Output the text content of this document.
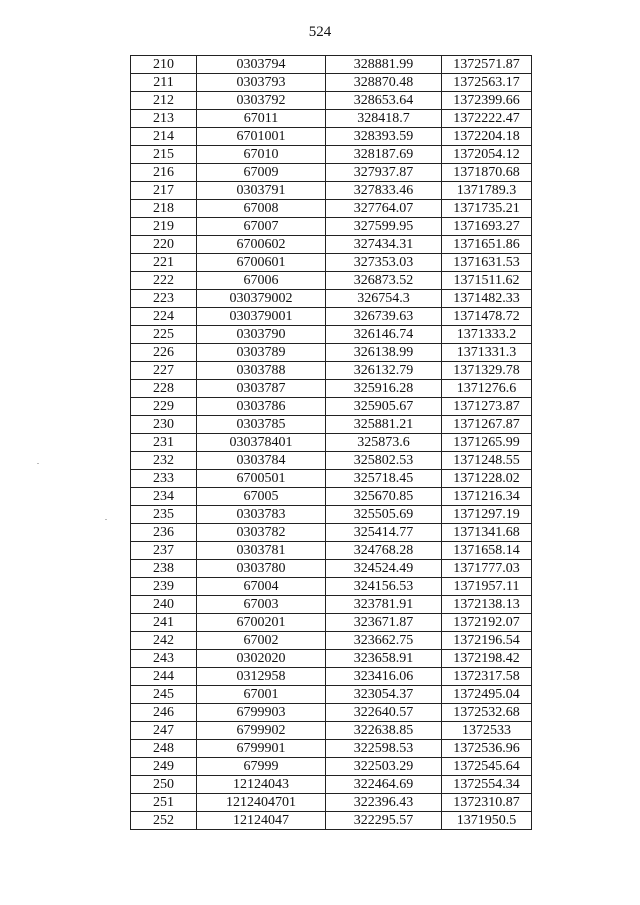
524
210	0303794	328881.99	1372571.87
211	0303793	328870.48	1372563.17
212	0303792	328653.64	1372399.66
213	67011	328418.7	1372222.47
214	6701001	328393.59	1372204.18
215	67010	328187.69	1372054.12
216	67009	327937.87	1371870.68
217	0303791	327833.46	1371789.3
218	67008	327764.07	1371735.21
219	67007	327599.95	1371693.27
220	6700602	327434.31	1371651.86
221	6700601	327353.03	1371631.53
222	67006	326873.52	1371511.62
223	030379002	326754.3	1371482.33
224	030379001	326739.63	1371478.72
225	0303790	326146.74	1371333.2
226	0303789	326138.99	1371331.3
227	0303788	326132.79	1371329.78
228	0303787	325916.28	1371276.6
229	0303786	325905.67	1371273.87
230	0303785	325881.21	1371267.87
231	030378401	325873.6	1371265.99
232	0303784	325802.53	1371248.55
233	6700501	325718.45	1371228.02
234	67005	325670.85	1371216.34
235	0303783	325505.69	1371297.19
236	0303782	325414.77	1371341.68
237	0303781	324768.28	1371658.14
238	0303780	324524.49	1371777.03
239	67004	324156.53	1371957.11
240	67003	323781.91	1372138.13
241	6700201	323671.87	1372192.07
242	67002	323662.75	1372196.54
243	0302020	323658.91	1372198.42
244	0312958	323416.06	1372317.58
245	67001	323054.37	1372495.04
246	6799903	322640.57	1372532.68
247	6799902	322638.85	1372533
248	6799901	322598.53	1372536.96
249	67999	322503.29	1372545.64
250	12124043	322464.69	1372554.34
251	1212404701	322396.43	1372310.87
252	12124047	322295.57	1371950.5
